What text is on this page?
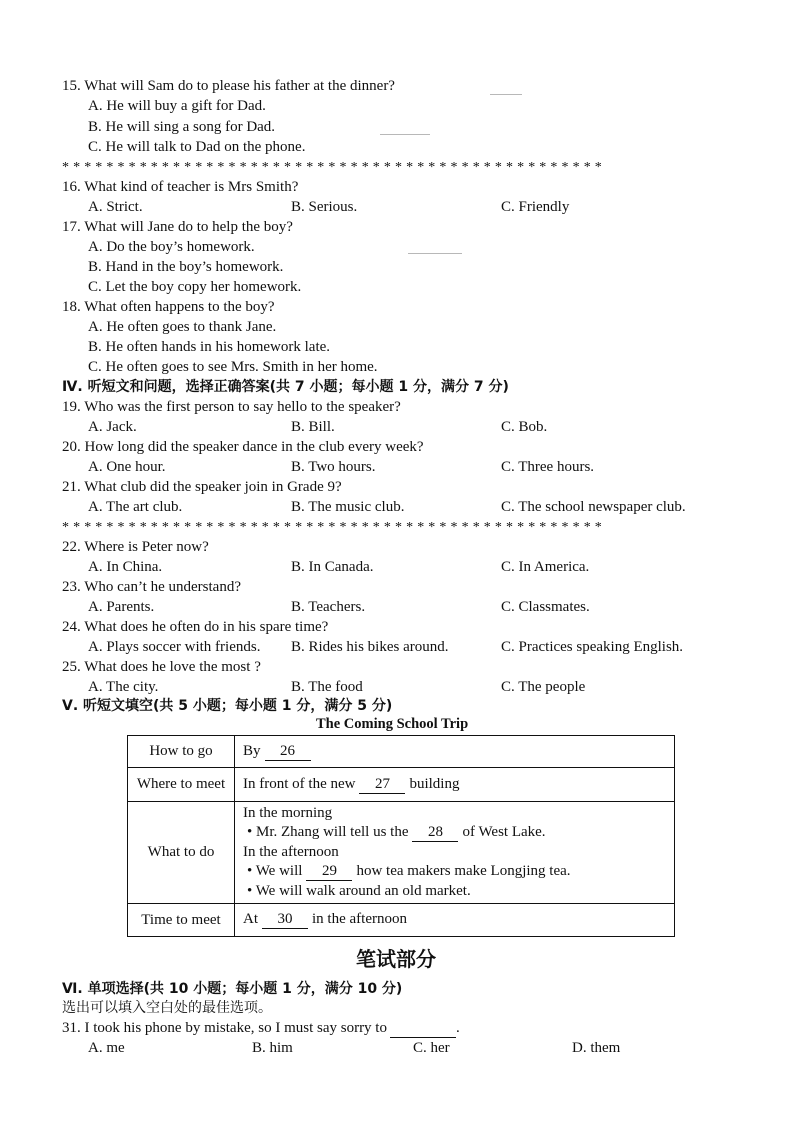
15. What will Sam do to please his father at the dinner?
A. He will buy a gift for Dad.
B. He will sing a song for Dad.
C. He will talk to Dad on the phone.
* * * * * * * * * * * * * * * * * * * * * * * * * * * * * * * * * * * * * * * * * * * * * * * * *
16. What kind of teacher is Mrs Smith?
A. Strict.	B. Serious.	C. Friendly
17. What will Jane do to help the boy?
A. Do the boy’s homework.
B. Hand in the boy’s homework.
C. Let the boy copy her homework.
18. What often happens to the boy?
A. He often goes to thank Jane.
B. He often hands in his homework late.
C. He often goes to see Mrs. Smith in her home.
Ⅳ. 听短文和问题，选择正确答案(共 7 小题；每小题 1 分，满分 7 分)
19. Who was the first person to say hello to the speaker?
A. Jack.	B. Bill.	C. Bob.
20. How long did the speaker dance in the club every week?
A. One hour.	B. Two hours.	C. Three hours.
21. What club did the speaker join in Grade 9?
A. The art club.	B. The music club.	C. The school newspaper club.
* * * * * * * * * * * * * * * * * * * * * * * * * * * * * * * * * * * * * * * * * * * * * * * * *
22. Where is Peter now?
A. In China.	B. In Canada.	C. In America.
23. Who can’t he understand?
A. Parents.	B. Teachers.	C. Classmates.
24. What does he often do in his spare time?
A. Plays soccer with friends. B. Rides his bikes around.	C. Practices speaking English.
25. What does he love the most ?
A. The city.	B. The food	C. The people
Ⅴ. 听短文填空(共 5 小题；每小题 1 分，满分 5 分)
The Coming School Trip
How to go	By 26
Where to meet	In front of the new 27 building
What to do	In the morning
• Mr. Zhang will tell us the 28 of West Lake.
In the afternoon
• We will 29 how tea makers make Longjing tea.
• We will walk around an old market.

Time to meet	At 30 in the afternoon
笔试部分
Ⅵ. 单项选择(共 10 小题；每小题 1 分，满分 10 分)
选出可以填入空白处的最佳选项。
31. I took his phone by mistake, so I must say sorry to	.
A. me	B. him	C. her	D. them
